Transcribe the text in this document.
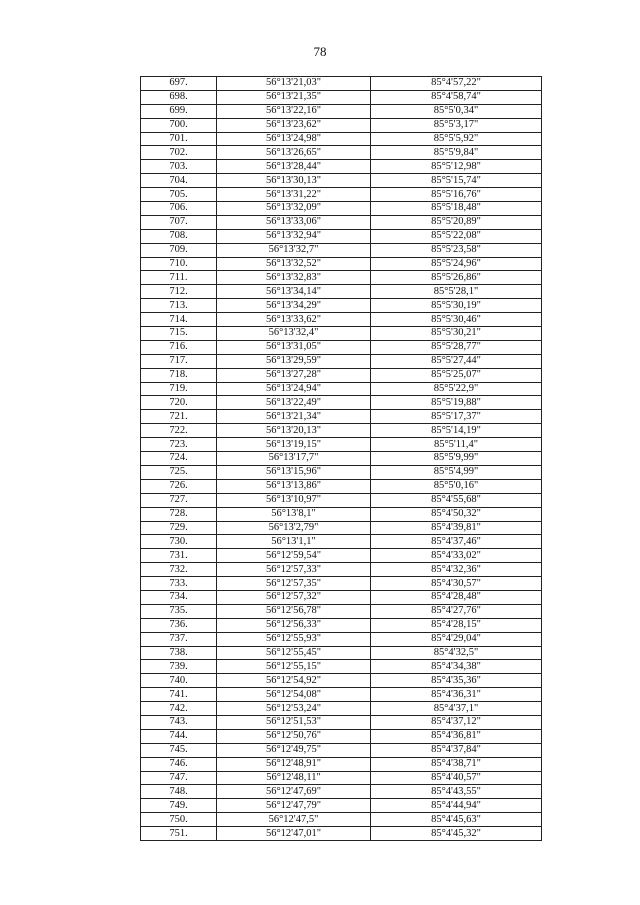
78
697.	56°13'21,03"	85°4'57,22"
698.	56°13'21,35"	85°4'58,74"
699.	56°13'22,16"	85°5'0,34"
700.	56°13'23,62"	85°5'3,17"
701.	56°13'24,98"	85°5'5,92"
702.	56°13'26,65"	85°5'9,84"
703.	56°13'28,44"	85°5'12,98"
704.	56°13'30,13"	85°5'15,74"
705.	56°13'31,22"	85°5'16,76"
706.	56°13'32,09"	85°5'18,48"
707.	56°13'33,06"	85°5'20,89"
708.	56°13'32,94"	85°5'22,08"
709.	56°13'32,7"	85°5'23,58"
710.	56°13'32,52"	85°5'24,96"
711.	56°13'32,83"	85°5'26,86"
712.	56°13'34,14"	85°5'28,1"
713.	56°13'34,29"	85°5'30,19"
714.	56°13'33,62"	85°5'30,46"
715.	56°13'32,4"	85°5'30,21"
716.	56°13'31,05"	85°5'28,77"
717.	56°13'29,59"	85°5'27,44"
718.	56°13'27,28"	85°5'25,07"
719.	56°13'24,94"	85°5'22,9"
720.	56°13'22,49"	85°5'19,88"
721.	56°13'21,34"	85°5'17,37"
722.	56°13'20,13"	85°5'14,19"
723.	56°13'19,15"	85°5'11,4"
724.	56°13'17,7"	85°5'9,99"
725.	56°13'15,96"	85°5'4,99"
726.	56°13'13,86"	85°5'0,16"
727.	56°13'10,97"	85°4'55,68"
728.	56°13'8,1"	85°4'50,32"
729.	56°13'2,79"	85°4'39,81"
730.	56°13'1,1"	85°4'37,46"
731.	56°12'59,54"	85°4'33,02"
732.	56°12'57,33"	85°4'32,36"
733.	56°12'57,35"	85°4'30,57"
734.	56°12'57,32"	85°4'28,48"
735.	56°12'56,78"	85°4'27,76"
736.	56°12'56,33"	85°4'28,15"
737.	56°12'55,93"	85°4'29,04"
738.	56°12'55,45"	85°4'32,5"
739.	56°12'55,15"	85°4'34,38"
740.	56°12'54,92"	85°4'35,36"
741.	56°12'54,08"	85°4'36,31"
742.	56°12'53,24"	85°4'37,1"
743.	56°12'51,53"	85°4'37,12"
744.	56°12'50,76"	85°4'36,81"
745.	56°12'49,75"	85°4'37,84"
746.	56°12'48,91"	85°4'38,71"
747.	56°12'48,11"	85°4'40,57"
748.	56°12'47,69"	85°4'43,55"
749.	56°12'47,79"	85°4'44,94"
750.	56°12'47,5"	85°4'45,63"
751.	56°12'47,01"	85°4'45,32"
